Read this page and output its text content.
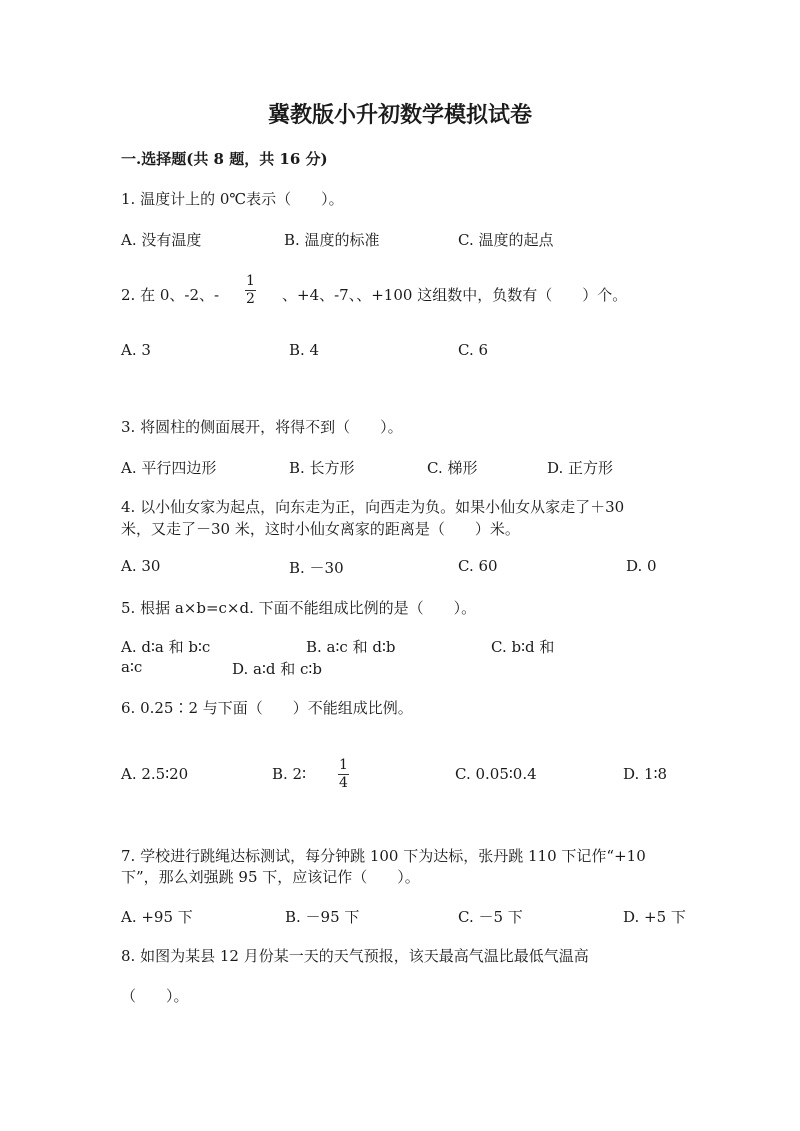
冀教版小升初数学模拟试卷
一.选择题(共 8 题，共 16 分)
1. 温度计上的 0℃表示（　　）。
A. 没有温度	B. 温度的标准	C. 温度的起点
2. 在 0、-2、-
1
2 、+4、-7、、+100 这组数中，负数有（　　）个。
A. 3	B. 4	C. 6
3. 将圆柱的侧面展开，将得不到（　　）。
A. 平行四边形	B. 长方形	C. 梯形	D. 正方形
4. 以小仙女家为起点，向东走为正，向西走为负。如果小仙女从家走了＋30
米，又走了－30 米，这时小仙女离家的距离是（　　）米。
A. 30	B. －30	C. 60	D. 0
5. 根据 a×b=c×d. 下面不能组成比例的是（　　）。
A. d∶a 和 b∶c	B. a∶c 和 d∶b	C. b∶d 和
a∶c	D. a∶d 和 c∶b
6. 0.25∶2 与下面（　　）不能组成比例。
A. 2.5∶20	B. 2∶ 1
4	C. 0.05∶0.4	D. 1∶8
7. 学校进行跳绳达标测试，每分钟跳 100 下为达标，张丹跳 110 下记作“+10
下”，那么刘强跳 95 下，应该记作（　　）。
A. +95 下	B. －95 下	C. －5 下	D. +5 下
8. 如图为某县 12 月份某一天的天气预报，该天最高气温比最低气温高
（　　）。
